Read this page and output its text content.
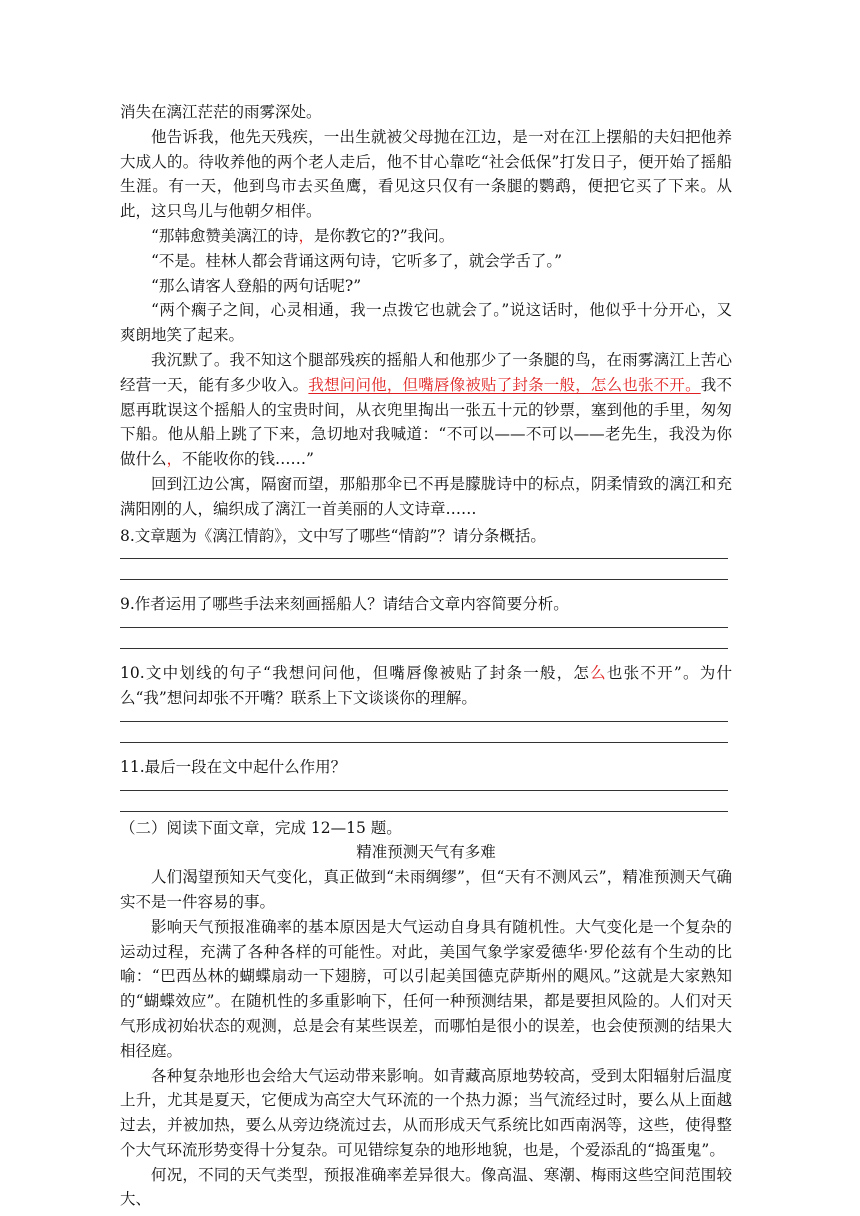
消失在漓江茫茫的雨雾深处。

他告诉我，他先天残疾，一出生就被父母抛在江边，是一对在江上摆船的夫妇把他养大成人的。待收养他的两个老人走后，他不甘心靠吃“社会低保”打发日子，便开始了摇船生涯。有一天，他到鸟市去买鱼鹰，看见这只仅有一条腿的鹦鹉，便把它买了下来。从此，这只鸟儿与他朝夕相伴。

“那韩愈赞美漓江的诗，是你教它的?”我问。

“不是。桂林人都会背诵这两句诗，它听多了，就会学舌了。”

“那么请客人登船的两句话呢?”

“两个瘸子之间，心灵相通，我一点拨它也就会了。”说这话时，他似乎十分开心，又爽朗地笑了起来。

我沉默了。我不知这个腿部残疾的摇船人和他那少了一条腿的鸟，在雨雾漓江上苦心经营一天，能有多少收入。我想问问他，但嘴唇像被贴了封条一般，怎么也张不开。我不愿再耽误这个摇船人的宝贵时间，从衣兜里掏出一张五十元的钞票，塞到他的手里，匆匆下船。他从船上跳了下来，急切地对我喊道：“不可以——不可以——老先生，我没为你做什么，不能收你的钱……”

回到江边公寓，隔窗而望，那船那伞已不再是朦胧诗中的标点，阴柔情致的漓江和充满阳刚的人，编织成了漓江一首美丽的人文诗章……

8.文章题为《漓江情韵》，文中写了哪些“情韵”？请分条概括。

9.作者运用了哪些手法来刻画摇船人？请结合文章内容简要分析。

10.文中划线的句子“我想问问他，但嘴唇像被贴了封条一般，怎么也张不开”。为什么“我”想问却张不开嘴？联系上下文谈谈你的理解。

11.最后一段在文中起什么作用？

（二）阅读下面文章，完成 12—15 题。

精准预测天气有多难

人们渴望预知天气变化，真正做到“未雨绸缪”，但“天有不测风云”，精准预测天气确实不是一件容易的事。

影响天气预报准确率的基本原因是大气运动自身具有随机性。大气变化是一个复杂的运动过程，充满了各种各样的可能性。对此，美国气象学家爱德华·罗伦兹有个生动的比喻：“巴西丛林的蝴蝶扇动一下翅膀，可以引起美国德克萨斯州的飓风。”这就是大家熟知的“蝴蝶效应”。在随机性的多重影响下，任何一种预测结果，都是要担风险的。人们对天气形成初始状态的观测，总是会有某些误差，而哪怕是很小的误差，也会使预测的结果大相径庭。

各种复杂地形也会给大气运动带来影响。如青藏高原地势较高，受到太阳辐射后温度上升，尤其是夏天，它便成为高空大气环流的一个热力源；当气流经过时，要么从上面越过去，并被加热，要么从旁边绕流过去，从而形成天气系统比如西南涡等，这些，使得整个大气环流形势变得十分复杂。可见错综复杂的地形地貌，也是，个爱添乱的“捣蛋鬼”。

何况，不同的天气类型，预报准确率差异很大。像高温、寒潮、梅雨这些空间范围较大、
